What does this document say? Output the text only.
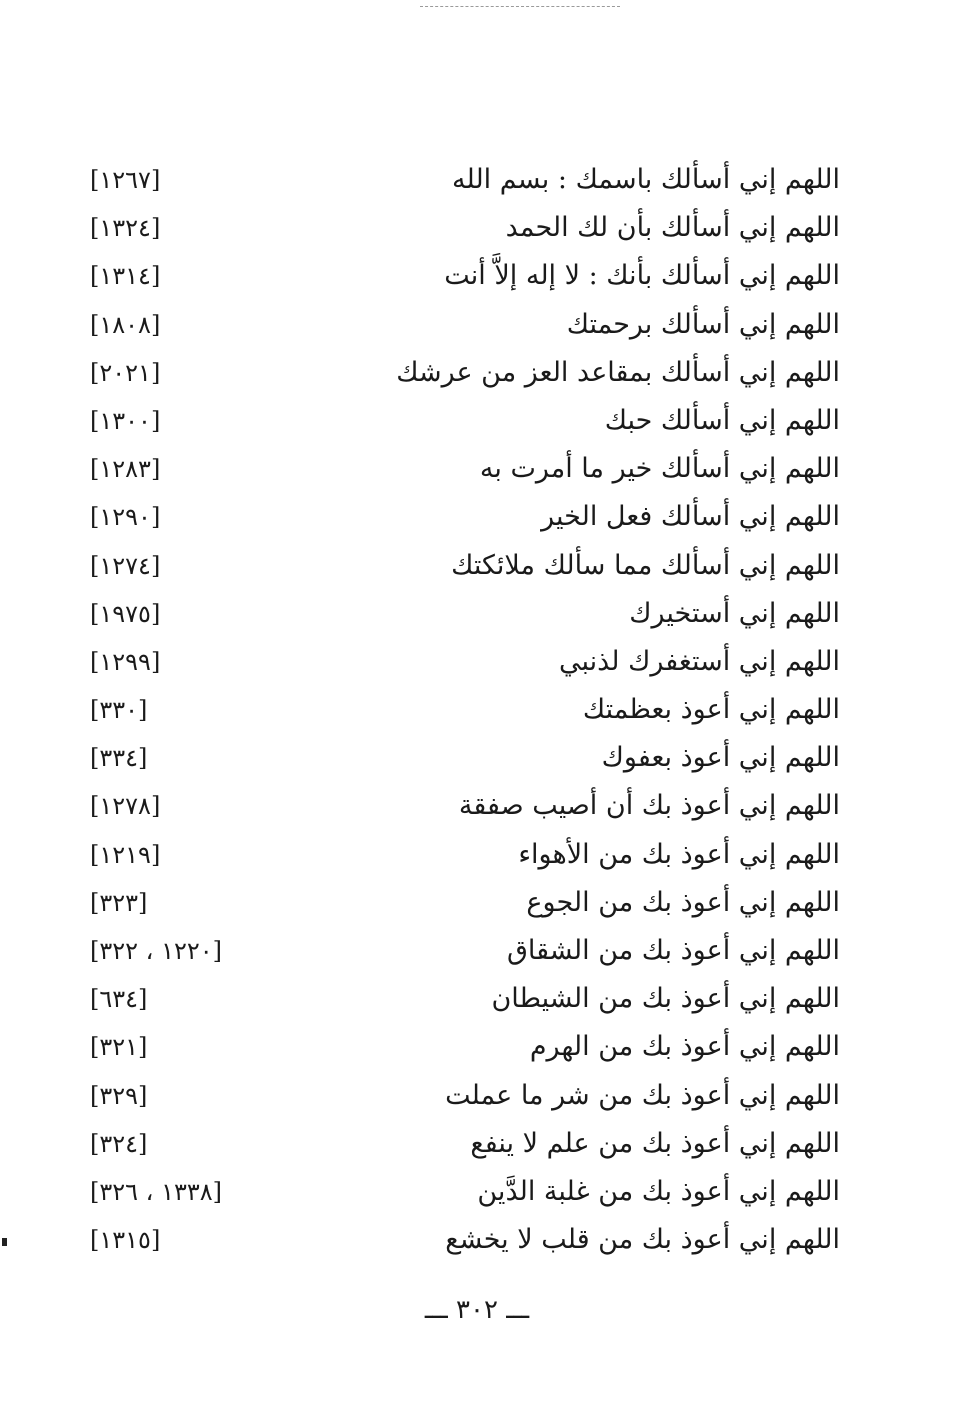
اللهم إني أسألك باسمك : بسم الله
[١٢٦٧]
اللهم إني أسألك بأن لك الحمد
[١٣٢٤]
اللهم إني أسألك بأنك : لا إله إلاَّ أنت
[١٣١٤]
اللهم إني أسألك برحمتك
[١٨٠٨]
اللهم إني أسألك بمقاعد العز من عرشك
[٢٠٢١]
اللهم إني أسألك حبك
[١٣٠٠]
اللهم إني أسألك خير ما أمرت به
[١٢٨٣]
اللهم إني أسألك فعل الخير
[١٢٩٠]
اللهم إني أسألك مما سألك ملائكتك
[١٢٧٤]
اللهم إني أستخيرك
[١٩٧٥]
اللهم إني أستغفرك لذنبي
[١٢٩٩]
اللهم إني أعوذ بعظمتك
[٣٣٠]
اللهم إني أعوذ بعفوك
[٣٣٤]
اللهم إني أعوذ بك أن أصيب صفقة
[١٢٧٨]
اللهم إني أعوذ بك من الأهواء
[١٢١٩]
اللهم إني أعوذ بك من الجوع
[٣٢٣]
اللهم إني أعوذ بك من الشقاق
[١٢٢٠ ، ٣٢٢]
اللهم إني أعوذ بك من الشيطان
[٦٣٤]
اللهم إني أعوذ بك من الهرم
[٣٢١]
اللهم إني أعوذ بك من شر ما عملت
[٣٢٩]
اللهم إني أعوذ بك من علم لا ينفع
[٣٢٤]
اللهم إني أعوذ بك من غلبة الدَّين
[١٣٣٨ ، ٣٢٦]
اللهم إني أعوذ بك من قلب لا يخشع
[١٣١٥]
ـــ ٣٠٢ ـــ
